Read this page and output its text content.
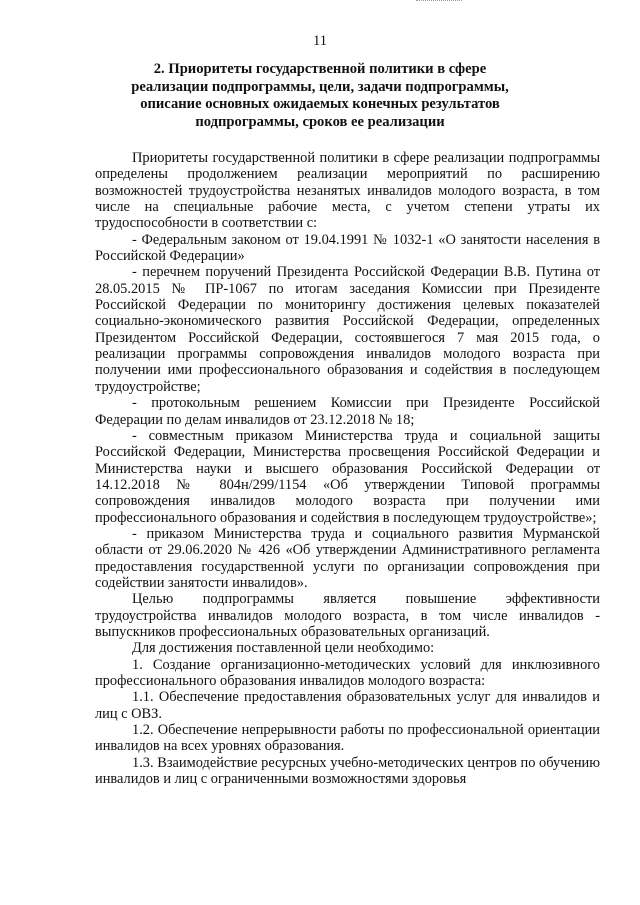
11
2. Приоритеты государственной политики в сфере реализации подпрограммы, цели, задачи подпрограммы, описание основных ожидаемых конечных результатов подпрограммы, сроков ее реализации

Приоритеты государственной политики в сфере реализации подпрограммы определены продолжением реализации мероприятий по расширению возможностей трудоустройства незанятых инвалидов молодого возраста, в том числе на специальные рабочие места, с учетом степени утраты их трудоспособности в соответствии с:

- Федеральным законом от 19.04.1991 № 1032-1 «О занятости населения в Российской Федерации»

- перечнем поручений Президента Российской Федерации В.В. Путина от 28.05.2015 № ПР-1067 по итогам заседания Комиссии при Президенте Российской Федерации по мониторингу достижения целевых показателей социально-экономического развития Российской Федерации, определенных Президентом Российской Федерации, состоявшегося 7 мая 2015 года, о реализации программы сопровождения инвалидов молодого возраста при получении ими профессионального образования и содействия в последующем трудоустройстве;

- протокольным решением Комиссии при Президенте Российской Федерации по делам инвалидов от 23.12.2018 № 18;

- совместным приказом Министерства труда и социальной защиты Российской Федерации, Министерства просвещения Российской Федерации и Министерства науки и высшего образования Российской Федерации от 14.12.2018 № 804н/299/1154 «Об утверждении Типовой программы сопровождения инвалидов молодого возраста при получении ими профессионального образования и содействия в последующем трудоустройстве»;

- приказом Министерства труда и социального развития Мурманской области от 29.06.2020 № 426 «Об утверждении Административного регламента предоставления государственной услуги по организации сопровождения при содействии занятости инвалидов».

Целью подпрограммы является повышение эффективности трудоустройства инвалидов молодого возраста, в том числе инвалидов - выпускников профессиональных образовательных организаций.

Для достижения поставленной цели необходимо:

1. Создание организационно-методических условий для инклюзивного профессионального образования инвалидов молодого возраста:

1.1. Обеспечение предоставления образовательных услуг для инвалидов и лиц с ОВЗ.

1.2. Обеспечение непрерывности работы по профессиональной ориентации инвалидов на всех уровнях образования.

1.3. Взаимодействие ресурсных учебно-методических центров по обучению инвалидов и лиц с ограниченными возможностями здоровья
